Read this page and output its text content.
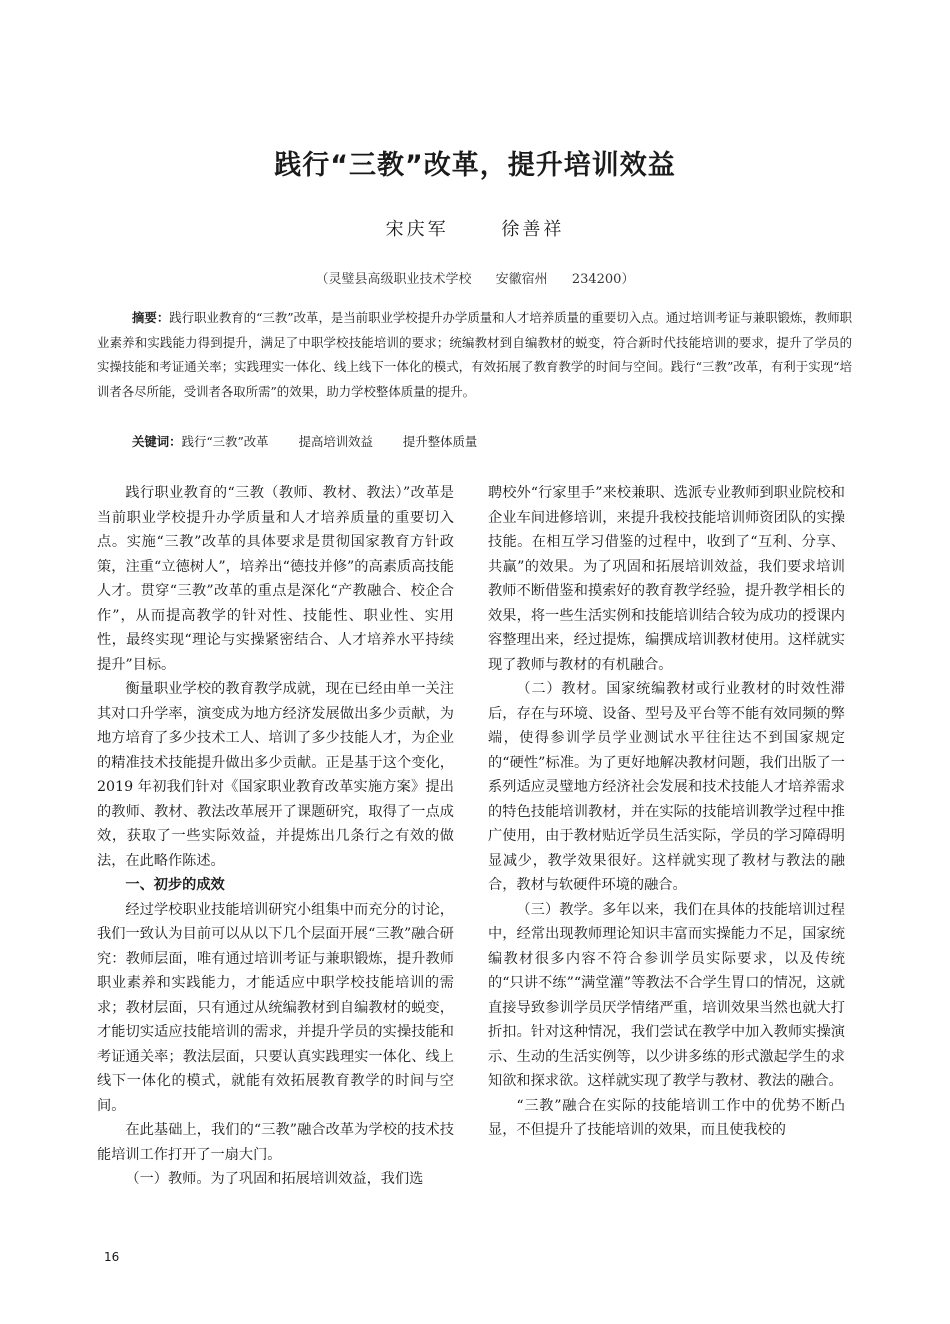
践行“三教”改革，提升培训效益
宋庆军	徐善祥
（灵璧县高级职业技术学校 安徽宿州 234200）

摘要：践行职业教育的“三教”改革，是当前职业学校提升办学质量和人才培养质量的重要切入点。通过培训考证与兼职锻炼，教师职业素养和实践能力得到提升，满足了中职学校技能培训的要求；统编教材到自编教材的蜕变，符合新时代技能培训的要求，提升了学员的实操技能和考证通关率；实践理实一体化、线上线下一体化的模式，有效拓展了教育教学的时间与空间。践行“三教”改革，有利于实现“培训者各尽所能，受训者各取所需”的效果，助力学校整体质量的提升。

关键词：践行“三教”改革 提高培训效益 提升整体质量

践行职业教育的“三教（教师、教材、教法）”改革是当前职业学校提升办学质量和人才培养质量的重要切入点。实施“三教”改革的具体要求是贯彻国家教育方针政策，注重“立德树人”，培养出“德技并修”的高素质高技能人才。贯穿“三教”改革的重点是深化“产教融合、校企合作”，从而提高教学的针对性、技能性、职业性、实用性，最终实现“理论与实操紧密结合、人才培养水平持续提升”目标。

衡量职业学校的教育教学成就，现在已经由单一关注其对口升学率，演变成为地方经济发展做出多少贡献，为地方培育了多少技术工人、培训了多少技能人才，为企业的精准技术技能提升做出多少贡献。正是基于这个变化，2019 年初我们针对《国家职业教育改革实施方案》提出的教师、教材、教法改革展开了课题研究，取得了一点成效，获取了一些实际效益，并提炼出几条行之有效的做法，在此略作陈述。

一、初步的成效

经过学校职业技能培训研究小组集中而充分的讨论，我们一致认为目前可以从以下几个层面开展“三教”融合研究：教师层面，唯有通过培训考证与兼职锻炼，提升教师职业素养和实践能力，才能适应中职学校技能培训的需求；教材层面，只有通过从统编教材到自编教材的蜕变，才能切实适应技能培训的需求，并提升学员的实操技能和考证通关率；教法层面，只要认真实践理实一体化、线上线下一体化的模式，就能有效拓展教育教学的时间与空间。

在此基础上，我们的“三教”融合改革为学校的技术技能培训工作打开了一扇大门。

（一）教师。为了巩固和拓展培训效益，我们选

聘校外“行家里手”来校兼职、选派专业教师到职业院校和企业车间进修培训，来提升我校技能培训师资团队的实操技能。在相互学习借鉴的过程中，收到了“互利、分享、共赢”的效果。为了巩固和拓展培训效益，我们要求培训教师不断借鉴和摸索好的教育教学经验，提升教学相长的效果，将一些生活实例和技能培训结合较为成功的授课内容整理出来，经过提炼，编撰成培训教材使用。这样就实现了教师与教材的有机融合。

（二）教材。国家统编教材或行业教材的时效性滞后，存在与环境、设备、型号及平台等不能有效同频的弊端，使得参训学员学业测试水平往往达不到国家规定的“硬性”标准。为了更好地解决教材问题，我们出版了一系列适应灵璧地方经济社会发展和技术技能人才培养需求的特色技能培训教材，并在实际的技能培训教学过程中推广使用，由于教材贴近学员生活实际，学员的学习障碍明显减少，教学效果很好。这样就实现了教材与教法的融合，教材与软硬件环境的融合。

（三）教学。多年以来，我们在具体的技能培训过程中，经常出现教师理论知识丰富而实操能力不足，国家统编教材很多内容不符合参训学员实际要求，以及传统的“只讲不练”“满堂灌”等教法不合学生胃口的情况，这就直接导致参训学员厌学情绪严重，培训效果当然也就大打折扣。针对这种情况，我们尝试在教学中加入教师实操演示、生动的生活实例等，以少讲多练的形式激起学生的求知欲和探求欲。这样就实现了教学与教材、教法的融合。

“三教”融合在实际的技能培训工作中的优势不断凸显，不但提升了技能培训的效果，而且使我校的

16
